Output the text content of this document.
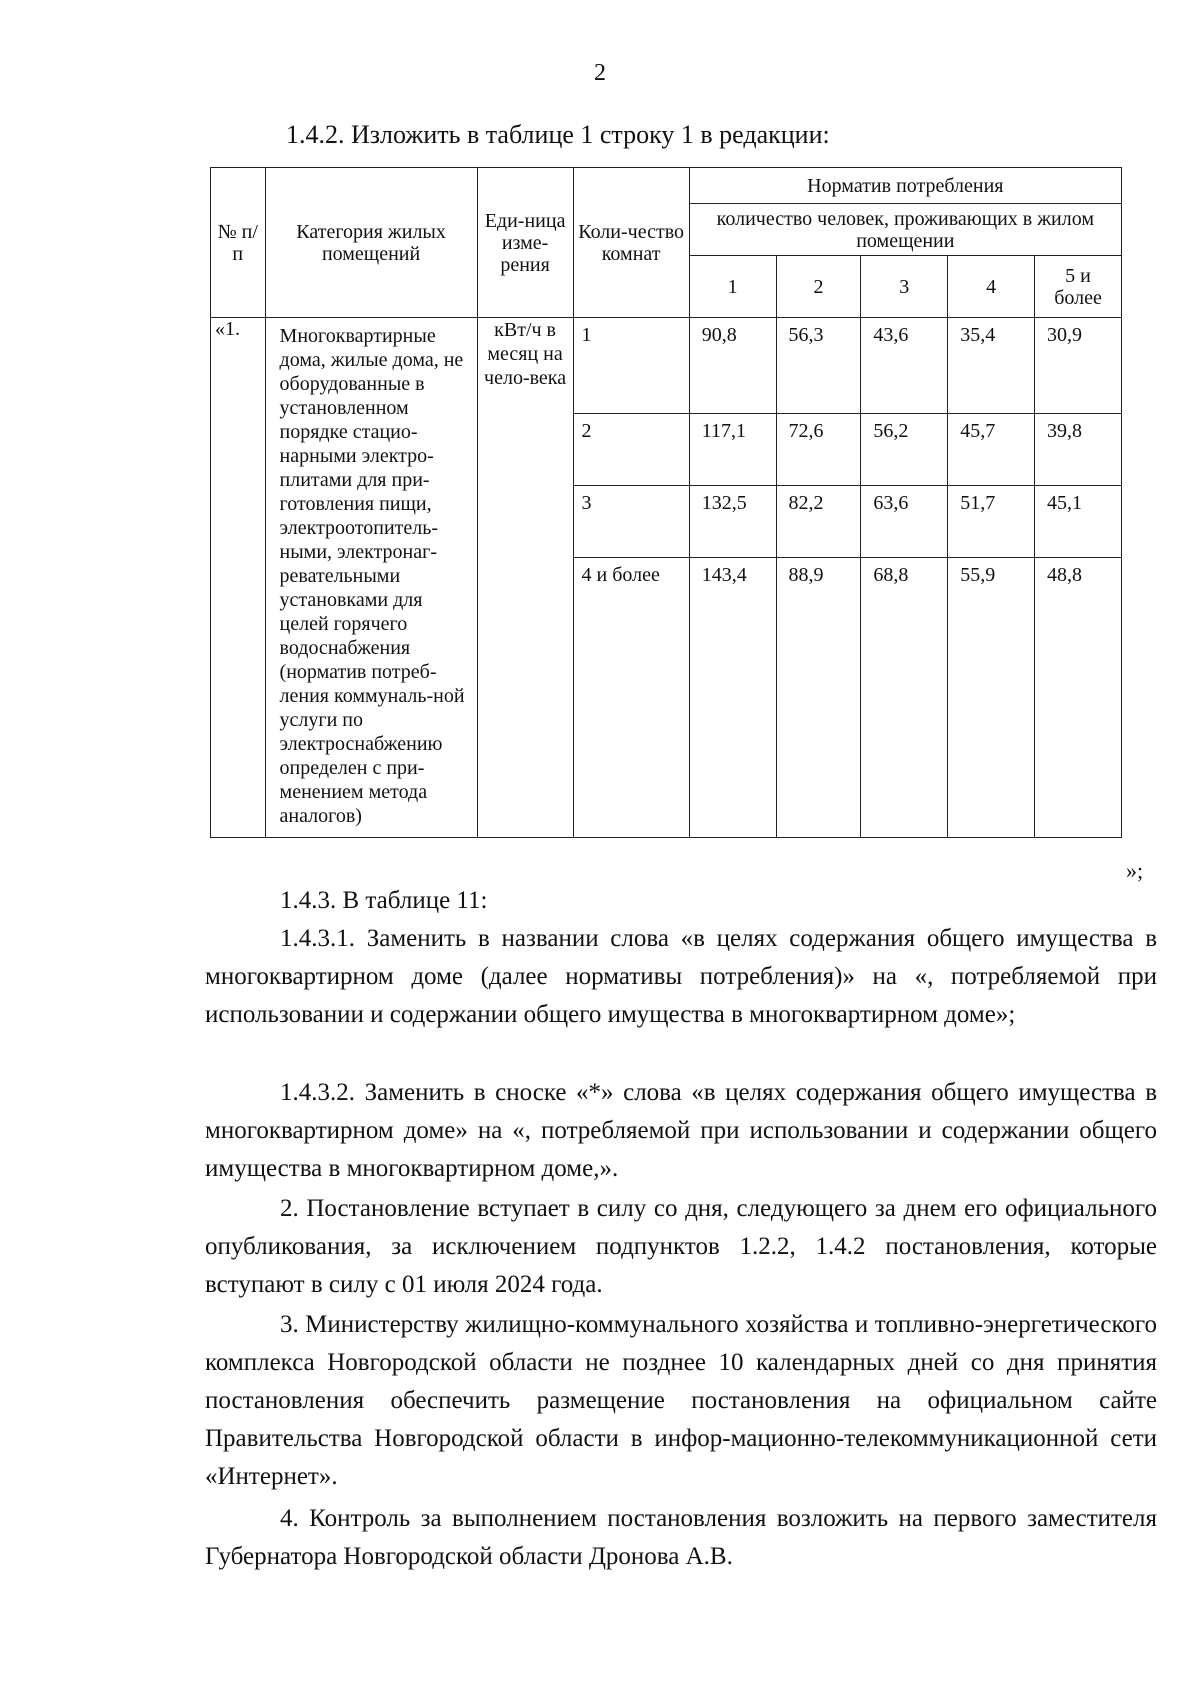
2
1.4.2. Изложить в таблице 1 строку 1 в редакции:
№ п/п	Категория жилых помещений	Еди-ница изме-рения	Коли-чество комнат	Норматив потребления				
				количество человек, проживающих в жилом помещении				
				1	2	3	4	5 и более
«1.	Многоквартирные дома, жилые дома, не оборудованные в установленном порядке стацио-нарными электро-плитами для при-готовления пищи, электроотопитель-ными, электронаг-ревательными установками для целей горячего водоснабжения (норматив потреб-ления коммуналь-ной услуги по электроснабжению определен с при-менением метода аналогов)	кВт/ч в месяц на чело-века	1	90,8	56,3	43,6	35,4	30,9
			2	117,1	72,6	56,2	45,7	39,8
			3	132,5	82,2	63,6	51,7	45,1
			4 и более	143,4	88,9	68,8	55,9	48,8
»;
1.4.3. В таблице 11:
1.4.3.1. Заменить в названии слова «в целях содержания общего имущества в многоквартирном доме (далее нормативы потребления)» на «, потребляемой при использовании и содержании общего имущества в многоквартирном доме»;
1.4.3.2. Заменить в сноске «*» слова «в целях содержания общего имущества в многоквартирном доме» на «, потребляемой при использовании и содержании общего имущества в многоквартирном доме,».
2. Постановление вступает в силу со дня, следующего за днем его официального опубликования, за исключением подпунктов 1.2.2, 1.4.2 постановления, которые вступают в силу с 01 июля 2024 года.
3. Министерству жилищно-коммунального хозяйства и топливно-энергетического комплекса Новгородской области не позднее 10 календарных дней со дня принятия постановления обеспечить размещение постановления на официальном сайте Правительства Новгородской области в инфор-мационно-телекоммуникационной сети «Интернет».
4. Контроль за выполнением постановления возложить на первого заместителя Губернатора Новгородской области Дронова А.В.
